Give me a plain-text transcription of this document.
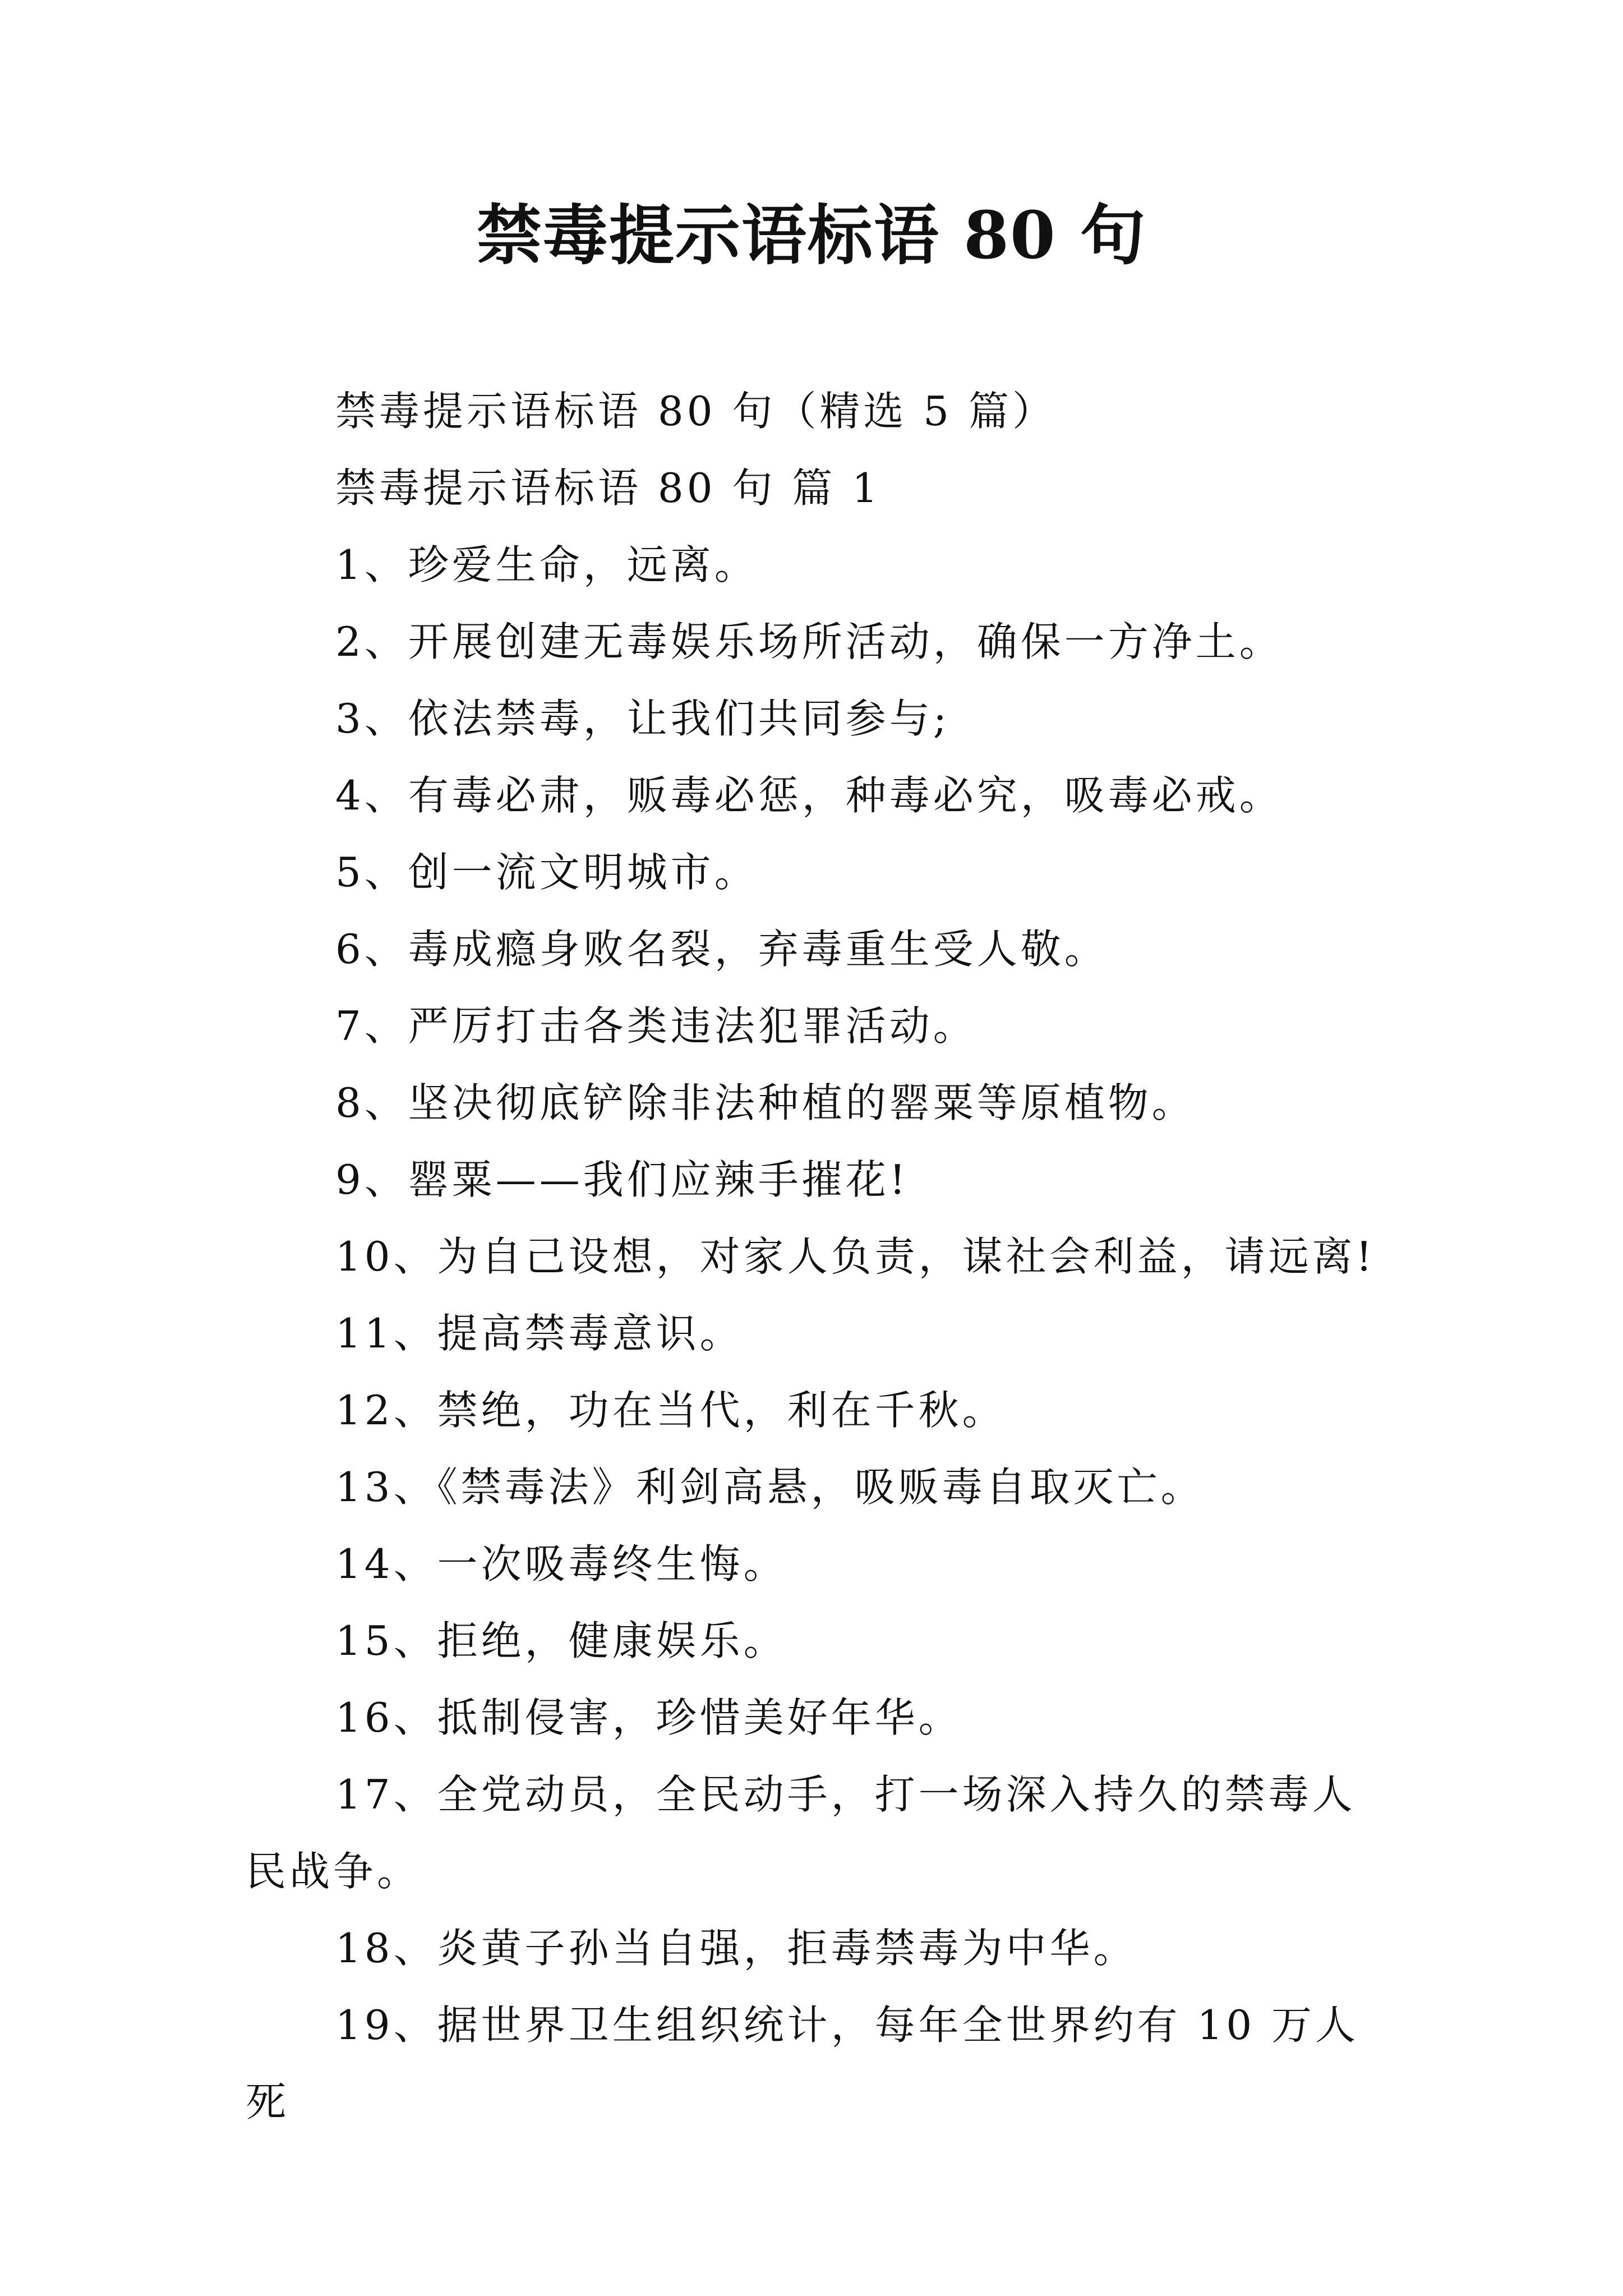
禁毒提示语标语 80 句

禁毒提示语标语 80 句（精选 5 篇）

禁毒提示语标语 80 句 篇 1

1、珍爱生命，远离。

2、开展创建无毒娱乐场所活动，确保一方净土。

3、依法禁毒，让我们共同参与;

4、有毒必肃，贩毒必惩，种毒必究，吸毒必戒。

5、创一流文明城市。

6、毒成瘾身败名裂，弃毒重生受人敬。

7、严厉打击各类违法犯罪活动。

8、坚决彻底铲除非法种植的罂粟等原植物。

9、罂粟——我们应辣手摧花!

10、为自己设想，对家人负责，谋社会利益，请远离!

11、提高禁毒意识。

12、禁绝，功在当代，利在千秋。

13、《禁毒法》利剑高悬，吸贩毒自取灭亡。

14、一次吸毒终生悔。

15、拒绝，健康娱乐。

16、抵制侵害，珍惜美好年华。

17、全党动员，全民动手，打一场深入持久的禁毒人民战争。

18、炎黄子孙当自强，拒毒禁毒为中华。

19、据世界卫生组织统计，每年全世界约有 10 万人死
